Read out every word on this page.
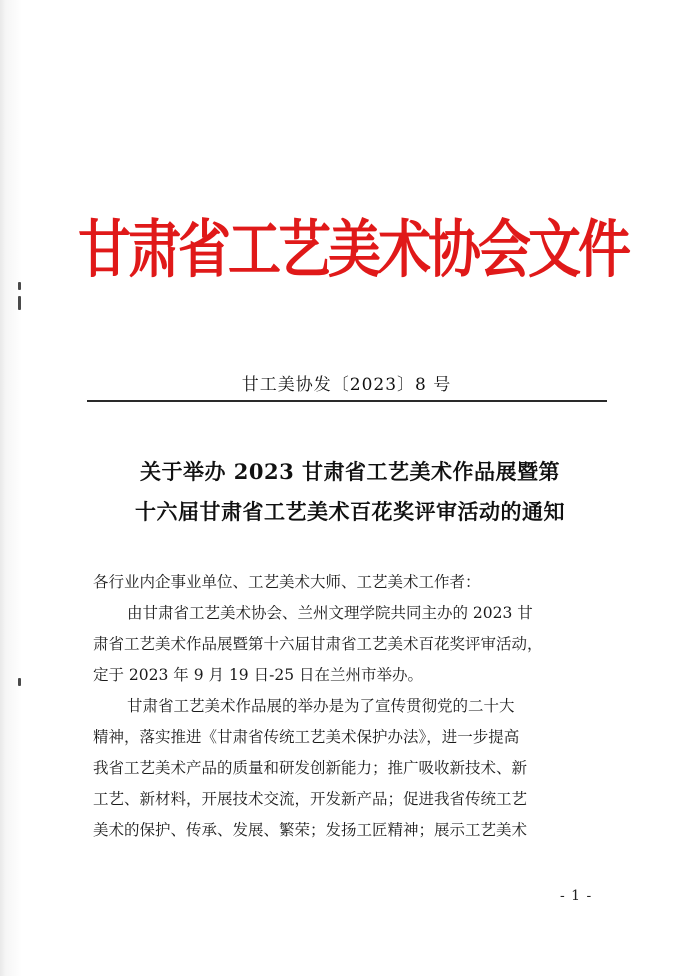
甘肃省工艺美术协会文件
甘工美协发〔2023〕8 号
关于举办 2023 甘肃省工艺美术作品展暨第
十六届甘肃省工艺美术百花奖评审活动的通知
各行业内企事业单位、工艺美术大师、工艺美术工作者：
由甘肃省工艺美术协会、兰州文理学院共同主办的 2023 甘
肃省工艺美术作品展暨第十六届甘肃省工艺美术百花奖评审活动，
定于 2023 年 9 月 19 日-25 日在兰州市举办。
甘肃省工艺美术作品展的举办是为了宣传贯彻党的二十大
精神，落实推进《甘肃省传统工艺美术保护办法》，进一步提高
我省工艺美术产品的质量和研发创新能力；推广吸收新技术、新
工艺、新材料，开展技术交流，开发新产品；促进我省传统工艺
美术的保护、传承、发展、繁荣；发扬工匠精神；展示工艺美术
- 1 -
